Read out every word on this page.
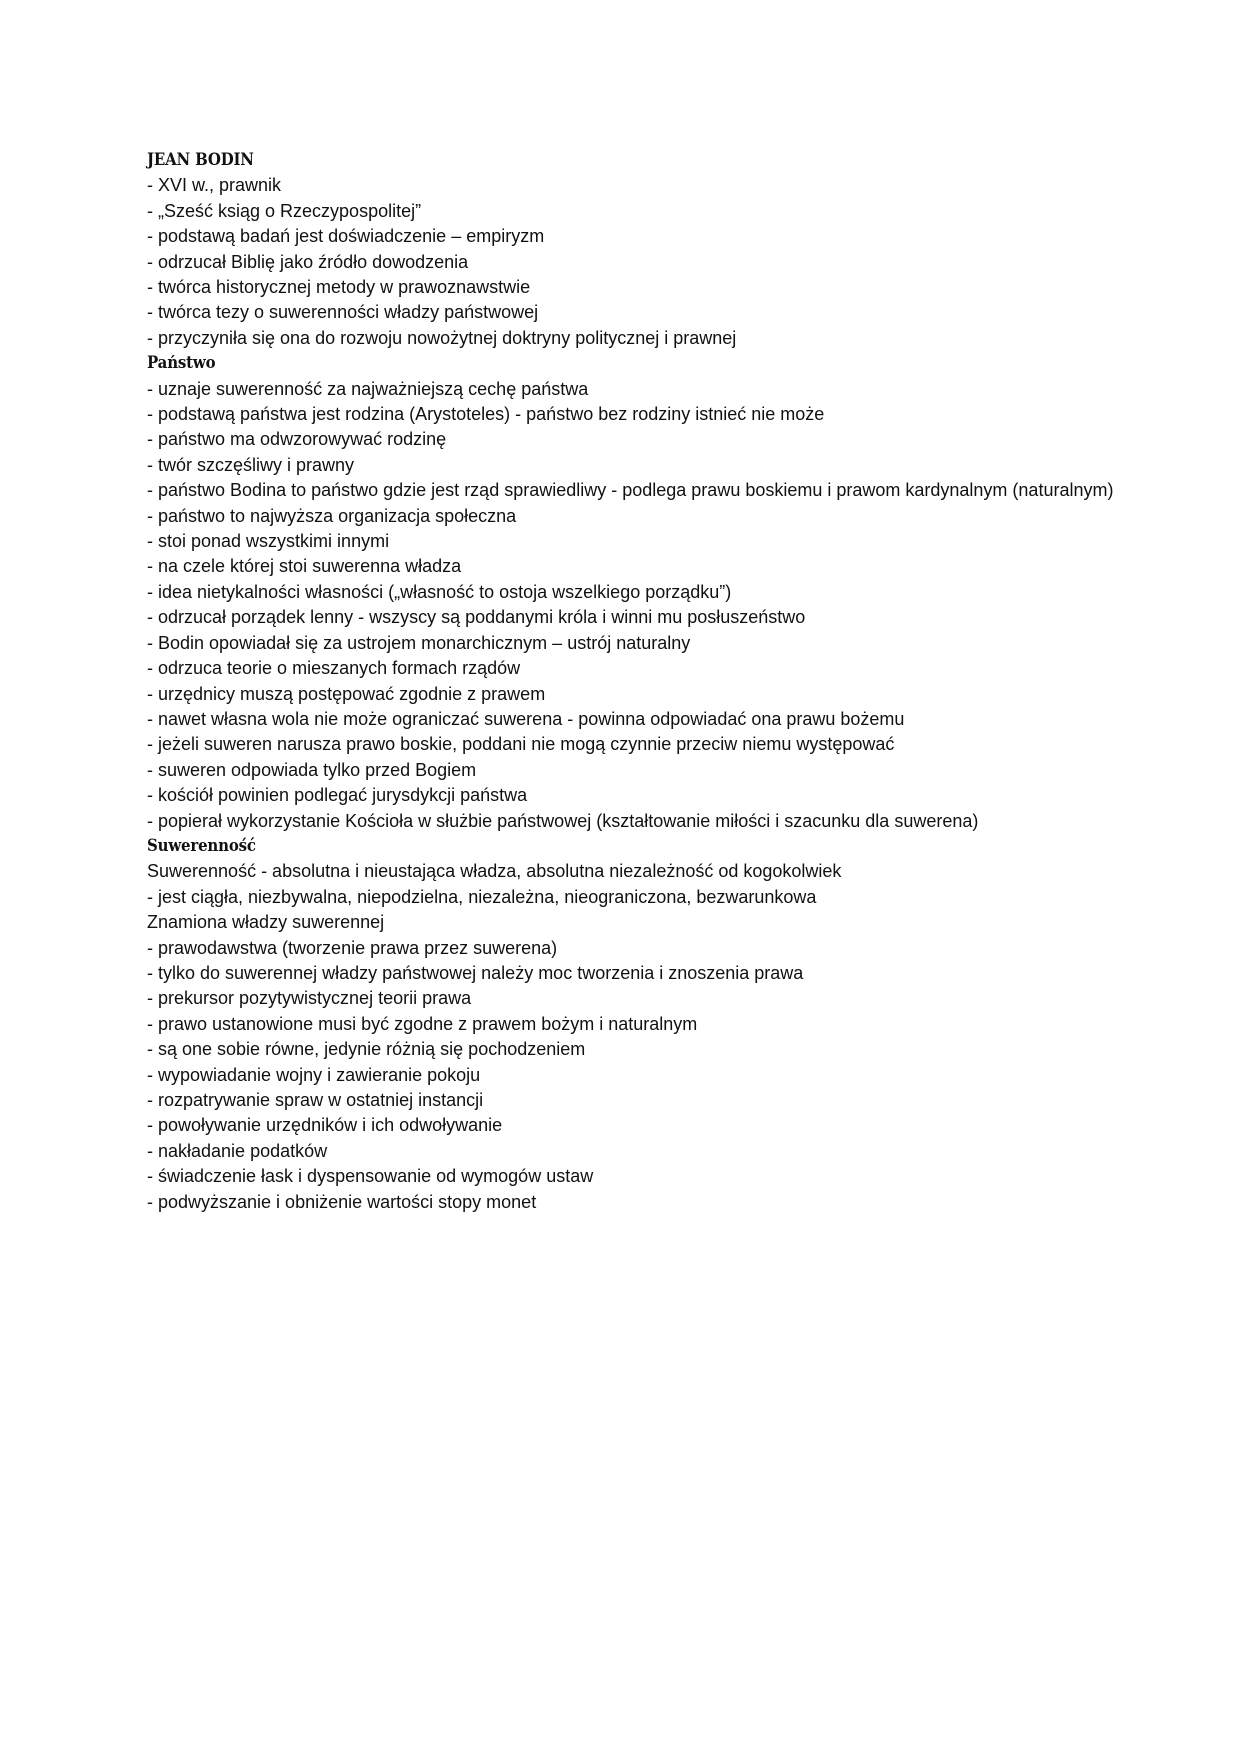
JEAN BODIN
- XVI w., prawnik
- „Sześć ksiąg o Rzeczypospolitej”
- podstawą badań jest doświadczenie – empiryzm
- odrzucał Biblię jako źródło dowodzenia
- twórca historycznej metody w prawoznawstwie
- twórca tezy o suwerenności władzy państwowej
- przyczyniła się ona do rozwoju nowożytnej doktryny politycznej i prawnej
Państwo
- uznaje suwerenność za najważniejszą cechę państwa
- podstawą państwa jest rodzina (Arystoteles) - państwo bez rodziny istnieć nie może
- państwo ma odwzorowywać rodzinę
- twór szczęśliwy i prawny
- państwo Bodina to państwo gdzie jest rząd sprawiedliwy - podlega prawu boskiemu i prawom kardynalnym (naturalnym)
- państwo to najwyższa organizacja społeczna
- stoi ponad wszystkimi innymi
- na czele której stoi suwerenna władza
- idea nietykalności własności („własność to ostoja wszelkiego porządku”)
- odrzucał porządek lenny - wszyscy są poddanymi króla i winni mu posłuszeństwo
- Bodin opowiadał się za ustrojem monarchicznym – ustrój naturalny
- odrzuca teorie o mieszanych formach rządów
- urzędnicy muszą postępować zgodnie z prawem
- nawet własna wola nie może ograniczać suwerena - powinna odpowiadać ona prawu bożemu
- jeżeli suweren narusza prawo boskie, poddani nie mogą czynnie przeciw niemu występować
- suweren odpowiada tylko przed Bogiem
- kościół powinien podlegać jurysdykcji państwa
- popierał wykorzystanie Kościoła w służbie państwowej (kształtowanie miłości i szacunku dla suwerena)
Suwerenność
Suwerenność - absolutna i nieustająca władza, absolutna niezależność od kogokolwiek
- jest ciągła, niezbywalna, niepodzielna, niezależna, nieograniczona, bezwarunkowa
Znamiona władzy suwerennej
- prawodawstwa (tworzenie prawa przez suwerena)
- tylko do suwerennej władzy państwowej należy moc tworzenia i znoszenia prawa
- prekursor pozytywistycznej teorii prawa
- prawo ustanowione musi być zgodne z prawem bożym i naturalnym
- są one sobie równe, jedynie różnią się pochodzeniem
- wypowiadanie wojny i zawieranie pokoju
- rozpatrywanie spraw w ostatniej instancji
- powoływanie urzędników i ich odwoływanie
- nakładanie podatków
- świadczenie łask i dyspensowanie od wymogów ustaw
- podwyższanie i obniżenie wartości stopy monet
